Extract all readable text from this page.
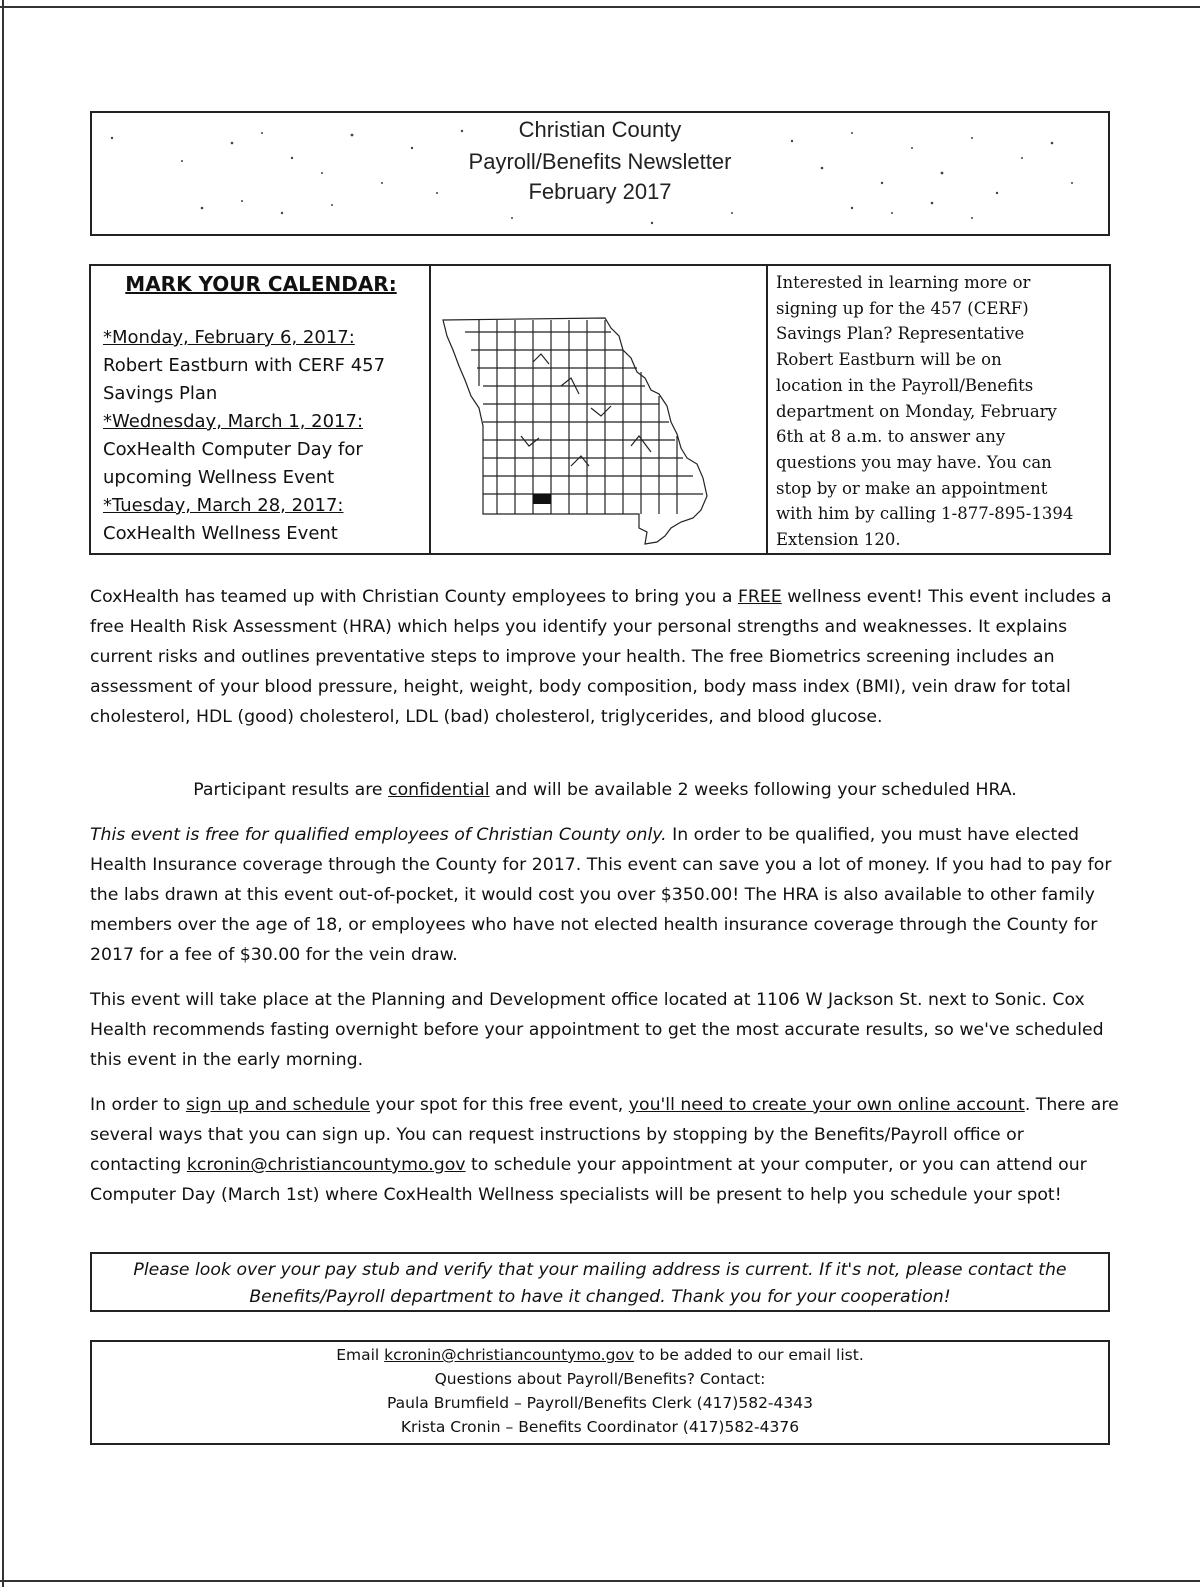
Christian County
Payroll/Benefits Newsletter
February 2017
MARK YOUR CALENDAR:
*Monday, February 6, 2017:
Robert Eastburn with CERF 457
Savings Plan
*Wednesday, March 1, 2017:
CoxHealth Computer Day for
upcoming Wellness Event
*Tuesday, March 28, 2017:
CoxHealth Wellness Event
Interested in learning more or
signing up for the 457 (CERF)
Savings Plan? Representative
Robert Eastburn will be on
location in the Payroll/Benefits
department on Monday, February
6th at 8 a.m. to answer any
questions you may have. You can
stop by or make an appointment
with him by calling 1-877-895-1394
Extension 120.
CoxHealth has teamed up with Christian County employees to bring you a FREE wellness event! This event includes a free Health Risk Assessment (HRA) which helps you identify your personal strengths and weaknesses. It explains current risks and outlines preventative steps to improve your health. The free Biometrics screening includes an assessment of your blood pressure, height, weight, body composition, body mass index (BMI), vein draw for total cholesterol, HDL (good) cholesterol, LDL (bad) cholesterol, triglycerides, and blood glucose.
Participant results are confidential and will be available 2 weeks following your scheduled HRA.
This event is free for qualified employees of Christian County only. In order to be qualified, you must have elected Health Insurance coverage through the County for 2017. This event can save you a lot of money. If you had to pay for the labs drawn at this event out-of-pocket, it would cost you over $350.00! The HRA is also available to other family members over the age of 18, or employees who have not elected health insurance coverage through the County for 2017 for a fee of $30.00 for the vein draw.
This event will take place at the Planning and Development office located at 1106 W Jackson St. next to Sonic. Cox Health recommends fasting overnight before your appointment to get the most accurate results, so we've scheduled this event in the early morning.
In order to sign up and schedule your spot for this free event, you'll need to create your own online account. There are several ways that you can sign up. You can request instructions by stopping by the Benefits/Payroll office or contacting kcronin@christiancountymo.gov to schedule your appointment at your computer, or you can attend our Computer Day (March 1st) where CoxHealth Wellness specialists will be present to help you schedule your spot!
Please look over your pay stub and verify that your mailing address is current. If it's not, please contact the
Benefits/Payroll department to have it changed. Thank you for your cooperation!
Email kcronin@christiancountymo.gov to be added to our email list.
Questions about Payroll/Benefits? Contact:
Paula Brumfield – Payroll/Benefits Clerk (417)582-4343
Krista Cronin – Benefits Coordinator (417)582-4376
